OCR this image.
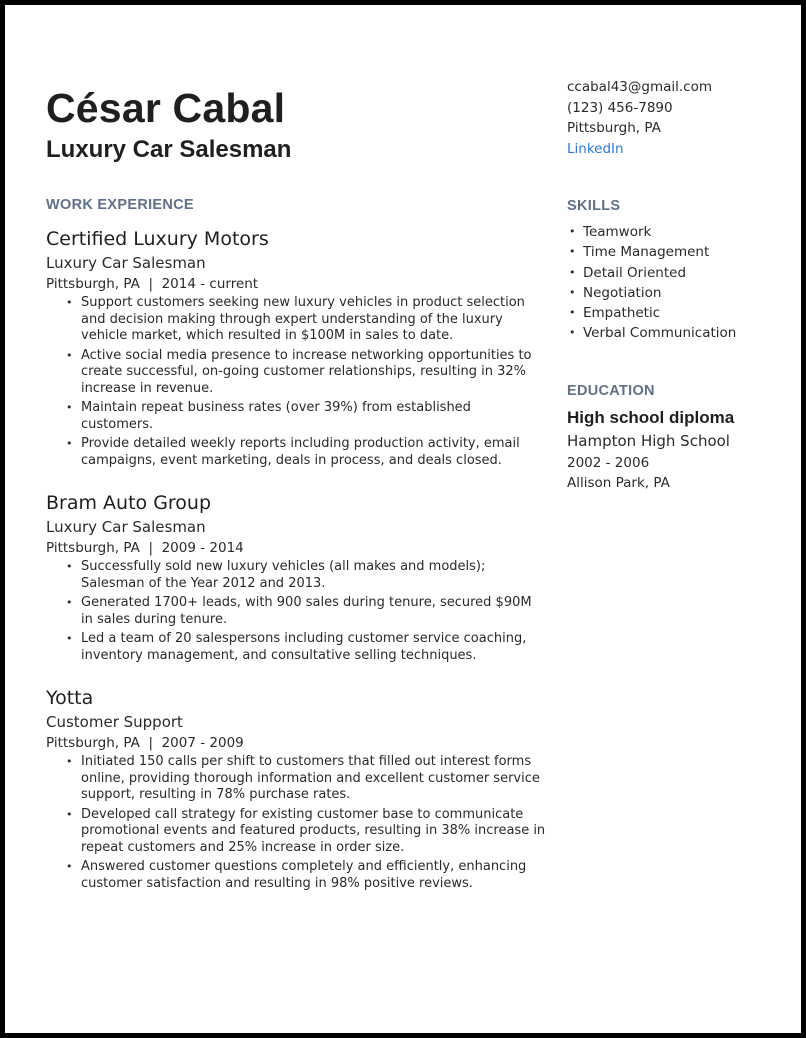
César Cabal
Luxury Car Salesman
WORK EXPERIENCE

Certified Luxury Motors

Luxury Car Salesman

Pittsburgh, PA  |  2014 - current

• Support customers seeking new luxury vehicles in product selection and decision making through expert understanding of the luxury vehicle market, which resulted in $100M in sales to date.
• Active social media presence to increase networking opportunities to create successful, on-going customer relationships, resulting in 32% increase in revenue.
• Maintain repeat business rates (over 39%) from established customers.
• Provide detailed weekly reports including production activity, email campaigns, event marketing, deals in process, and deals closed.

Bram Auto Group

Luxury Car Salesman

Pittsburgh, PA  |  2009 - 2014

• Successfully sold new luxury vehicles (all makes and models); Salesman of the Year 2012 and 2013.
• Generated 1700+ leads, with 900 sales during tenure, secured $90M in sales during tenure.
• Led a team of 20 salespersons including customer service coaching, inventory management, and consultative selling techniques.

Yotta

Customer Support

Pittsburgh, PA  |  2007 - 2009

• Initiated 150 calls per shift to customers that filled out interest forms online, providing thorough information and excellent customer service support, resulting in 78% purchase rates.
• Developed call strategy for existing customer base to communicate promotional events and featured products, resulting in 38% increase in repeat customers and 25% increase in order size.
• Answered customer questions completely and efficiently, enhancing customer satisfaction and resulting in 98% positive reviews.

ccabal43@gmail.com

(123) 456-7890

Pittsburgh, PA

LinkedIn

SKILLS
• Teamwork
• Time Management
• Detail Oriented
• Negotiation
• Empathetic
• Verbal Communication
EDUCATION

High school diploma

Hampton High School

2002 - 2006

Allison Park, PA
